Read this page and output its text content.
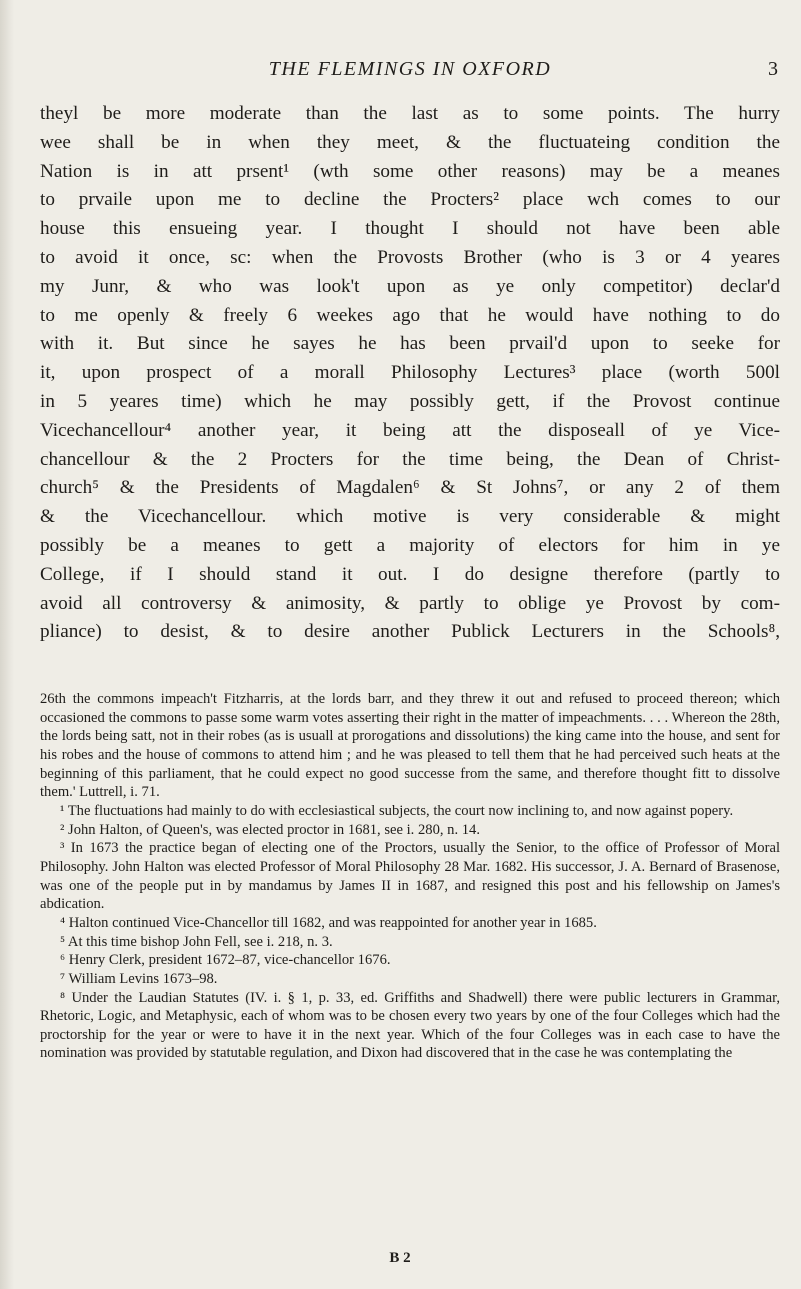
THE FLEMINGS IN OXFORD	3
theyl be more moderate than the last as to some points. The hurry
wee shall be in when they meet, & the fluctuateing condition the
Nation is in att prsent¹ (wth some other reasons) may be a meanes
to prvaile upon me to decline the Procters² place wch comes to our
house this ensueing year. I thought I should not have been able
to avoid it once, sc: when the Provosts Brother (who is 3 or 4 yeares
my Junr, & who was look't upon as ye only competitor) declar'd
to me openly & freely 6 weekes ago that he would have nothing to do
with it. But since he sayes he has been prvail'd upon to seeke for
it, upon prospect of a morall Philosophy Lectures³ place (worth 500l
in 5 yeares time) which he may possibly gett, if the Provost continue
Vicechancellour⁴ another year, it being att the disposeall of ye Vice-
chancellour & the 2 Procters for the time being, the Dean of Christ-
church⁵ & the Presidents of Magdalen⁶ & St Johns⁷, or any 2 of them
& the Vicechancellour. which motive is very considerable & might
possibly be a meanes to gett a majority of electors for him in ye
College, if I should stand it out. I do designe therefore (partly to
avoid all controversy & animosity, & partly to oblige ye Provost by com-
pliance) to desist, & to desire another Publick Lecturers in the Schools⁸,

26th the commons impeach't Fitzharris, at the lords barr, and they threw it out and refused to proceed thereon; which occasioned the commons to passe some warm votes asserting their right in the matter of impeachments. . . . Whereon the 28th, the lords being satt, not in their robes (as is usuall at prorogations and dissolutions) the king came into the house, and sent for his robes and the house of commons to attend him ; and he was pleased to tell them that he had perceived such heats at the beginning of this parliament, that he could expect no good successe from the same, and therefore thought fitt to dissolve them.' Luttrell, i. 71.

¹ The fluctuations had mainly to do with ecclesiastical subjects, the court now inclining to, and now against popery.

² John Halton, of Queen's, was elected proctor in 1681, see i. 280, n. 14.

³ In 1673 the practice began of electing one of the Proctors, usually the Senior, to the office of Professor of Moral Philosophy. John Halton was elected Professor of Moral Philosophy 28 Mar. 1682. His successor, J. A. Bernard of Brasenose, was one of the people put in by mandamus by James II in 1687, and resigned this post and his fellowship on James's abdication.

⁴ Halton continued Vice-Chancellor till 1682, and was reappointed for another year in 1685.

⁵ At this time bishop John Fell, see i. 218, n. 3.

⁶ Henry Clerk, president 1672–87, vice-chancellor 1676.

⁷ William Levins 1673–98.

⁸ Under the Laudian Statutes (IV. i. § 1, p. 33, ed. Griffiths and Shadwell) there were public lecturers in Grammar, Rhetoric, Logic, and Metaphysic, each of whom was to be chosen every two years by one of the four Colleges which had the proctorship for the year or were to have it in the next year. Which of the four Colleges was in each case to have the nomination was provided by statutable regulation, and Dixon had discovered that in the case he was contemplating the

B 2
